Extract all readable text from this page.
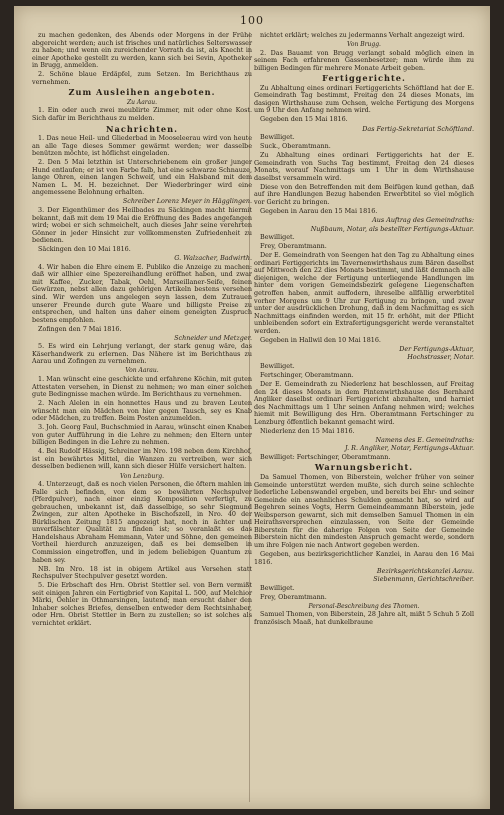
100
zu machen gedenken, des Abends oder Morgens in der Frühe abgereicht werden; auch ist frisches und natürliches Selterswasser zu haben; und wenn ein zureichender Vorrath da ist, als Knecht in einer Apotheke gestellt zu werden, kann sich bei Sevin, Apotheker in Brugg, anmelden.
2. Schöne blaue Erdäpfel, zum Setzen. Im Berichthaus zu vernehmen.
Zum Ausleihen angeboten.
Zu Aarau.
1. Ein oder auch zwei meublirte Zimmer, mit oder ohne Kost. Sich dafür im Berichthaus zu melden.
Nachrichten.
1. Das neue Heil- und Gliederbad in Mooseleerau wird von heute an alle Tage dieses Sommer gewärmt werden; wer dasselbe benützen möchte, ist höflichst eingeladen.
2. Den 5 Mai letzthin ist Unterschriebenem ein großer junger Hund entlaufen; er ist von Farbe falb, hat eine schwarze Schnauze, lange Ohren, einen langen Schweif, und ein Halsband mit dem Namen L. M. H. bezeichnet. Der Wiederbringer wird eine angemessene Belohnung erhalten.
Schreiber Lorenz Meyer in Hägglingen.
3. Der Eigenthümer des Heilbades zu Säckingen macht hiermit bekannt, daß mit dem 19 Mai die Eröffnung des Bades angefangen wird; wobei er sich schmeichelt, auch dieses Jahr seine verehrten Gönner in jeder Hinsicht zur vollkommensten Zufriedenheit zu bedienen.
Säckingen den 10 Mai 1816.
G. Walzacher, Badwirth.
4. Wir haben die Ehre einem E. Publiko die Anzeige zu machen: daß wir allhier eine Spezereihandlung eröffnet haben, und zwar mit Kaffee, Zucker, Tabak, Oehl, Marseillaner-Seife, feinen Gewürzen, nebst allen dazu gehörigen Artikeln bestens versehen sind. Wir werden uns angelegen seyn lassen, dem Zutrauen unserer Freunde durch gute Waare und billigste Preise zu entsprechen, und halten uns daher einem geneigten Zuspruch bestens empfohlen.
Zofingen den 7 Mai 1816.
Schneider und Metzger.
5. Es wird ein Lehrjung verlangt, der stark genug wäre, das Käserhandwerk zu erlernen. Das Nähere ist im Berichthaus zu Aarau und Zofingen zu vernehmen.
Von Aarau.
1. Man wünscht eine geschickte und erfahrene Köchin, mit guten Attestaten versehen, in Dienst zu nehmen; wo man einer solchen gute Bedingnisse machen würde. Im Berichthaus zu vernehmen.
2. Nach Alelen in ein honnettes Haus und zu braven Leuten wünscht man ein Mädchen von hier gegen Tausch, sey es Knab oder Mädchen, zu treffen. Beim Posten anzumelden.
3. Joh. Georg Faul, Buchschmied in Aarau, wünscht einen Knaben von guter Aufführung in die Lehre zu nehmen; den Eltern unter billigen Bedingen in die Lehre zu nehmen.
4. Bei Rudolf Hässig, Schreiner im Nro. 198 neben dem Kirchhof, ist ein bewährtes Mittel, die Wanzen zu vertreiben, wer sich desselben bedienen will, kann sich dieser Hülfe versichert halten.
Von Lenzburg.
4. Unterzeugt, daß es noch vielen Personen, die öftern mahlen im Falle sich befinden, von dem so bewährten Nechspulver (Pferdpulver), nach einer einzig Komposition verfertigt, zu gebrauchen, unbekannt ist, daß dasselbige, so sehr Siegmund Zwingen, zur alten Apotheke in Bischofszell, in Nro. 40 der Bürklischen Zeitung 1815 angezeigt hat, noch in ächter und unverfälschter Qualität zu finden ist; so veranlaßt es das Handelshaus Abraham Hemmann, Vater und Söhne, den gemeinen Vortheil hierdurch anzuzeigen, daß es bei demselben in Commission eingetroffen, und in jedem beliebigen Quantum zu haben sey.
NB. Im Nro. 18 ist in obigem Artikel aus Versehen statt Rechspulver Stechpulver gesetzt worden.
5. Die Erbschaft des Hrn. Obrist Stettler sel. von Bern vermißt seit einigen Jahren ein Fertigbrief von Kapital L. 500, auf Melchior Märki, Oehler in Othmarsingen, lautend; man ersucht daher den Inhaber solches Briefes, denselben entweder dem Rechtsinhaber, oder Hrn. Obrist Stettler in Bern zu zustellen; so ist solches als vernichtet erklärt.
nichtet erklärt; welches zu jedermanns Verhalt angezeigt wird.
Von Brugg.
2. Das Bauamt von Brugg verlangt sobald möglich einen in seinem Fach erfahrenen Gassenbesetzer; man würde ihm zu billigen Bedingen für mehrere Monate Arbeit geben.
Fertiggerichte.
Zu Abhaltung eines ordinari Fertiggerichts Schöftland hat der E. Gemeindrath Tag bestimmt, Freitag den 24 dieses Monats, im dasigen Wirthshause zum Ochsen, welche Fertigung des Morgens um 9 Uhr den Anfang nehmen wird.
Gegeben den 15 Mai 1816.
Das Fertig-Sekretariat Schöftland.
Bewilliget.
Suck., Oberamtmann.
Zu Abhaltung eines ordinari Fertiggerichts hat der E. Gemeindrath von Suchs Tag bestimmt, Freitag den 24 dieses Monats, worauf Nachmittags um 1 Uhr in dem Wirthshause daselbst versammeln wird.
Diese von den Betreffenden mit dem Beifügen kund gethan, daß auf ihre Handlungen Bezug habenden Erwerbtitel so viel möglich vor Gericht zu bringen.
Gegeben in Aarau den 15 Mai 1816.
Aus Auftrag des Gemeindraths:
Nußbaum, Notar, als bestellter Fertigungs-Aktuar.
Bewilliget.
Frey, Oberamtmann.
Der E. Gemeindrath von Seengen hat den Tag zu Abhaltung eines ordinari Fertiggerichts im Tavernenwirthshaus zum Bären daselbst auf Mittwoch den 22 dies Monats bestimmt, und läßt demnach alle diejenigen, welche der Fertigung unterliegende Handlungen im hinter dem vorigen Gemeindsbezirk gelegene Liegenschaften getroffen haben, anmit auffodern, ihreselbe allfällig erwerbtitel vorher Morgens um 9 Uhr zur Fertigung zu bringen, und zwar unter der ausdrücklichen Drohung, daß in dem Nachmittag es sich Nachmittags einfinden werden, mit 15 fr. erhöht, mit der Pflicht unbleibenden sofort ein Extrafertigungsgericht werde veranstaltet werden.
Gegeben in Hallwil den 10 Mai 1816.
Der Fertigungs-Aktuar,
Hochstrasser, Notar.
Bewilliget.
Fertschinger, Oberamtmann.
Der E. Gemeindrath zu Niederlenz hat beschlossen, auf Freitag den 24 dieses Monats in dem Pintenwirthshause des Bernhard Angliker daselbst ordinari Fertiggericht abzuhalten, und harniet des Nachmittags um 1 Uhr seinen Anfang nehmen wird; welches hiemit mit Bewilligung des Hrn. Oberamtmann Fertschinger zu Lenzburg öffentlich bekannt gemacht wird.
Niederlenz den 15 Mai 1816.
Namens des E. Gemeindraths:
J. R. Angliker, Notar, Fertigungs-Aktuar.
Bewilliget: Fertschinger, Oberamtmann.
Warnungsbericht.
Da Samuel Thomen, von Biberstein, welcher früher von seiner Gemeinde unterstützt werden mußte, sich durch seine schlechte liederliche Lebenswandel ergeben, und bereits bei Ehr- und seiner Gemeinde ein ansehnliches Schulden gemacht hat, so wird auf Begehren seines Vogts, Herrn Gemeindeammann Biberstein, jede Weibsperson gewarnt, sich mit demselben Samuel Thomen in ein Heirathsversprechen einzulassen, von Seite der Gemeinde Biberstein für die daherige Folgen von Seite der Gemeinde Biberstein nicht den mindesten Anspruch gemacht werde, sondern um ihre Folgen nie nach Antwort gegeben werden.
Gegeben, aus bezirksgerichtlicher Kanzlei, in Aarau den 16 Mai 1816.
Bezirksgerichtskanzlei Aarau.
Siebenmann, Gerichtschreiber.
Bewilliget.
Frey, Oberamtmann.
Personal-Beschreibung des Thomen.
Samuel Thomen, von Biberstein, 28 Jahre alt, mißt 5 Schuh 5 Zoll französisch Maaß, hat dunkelbraune
